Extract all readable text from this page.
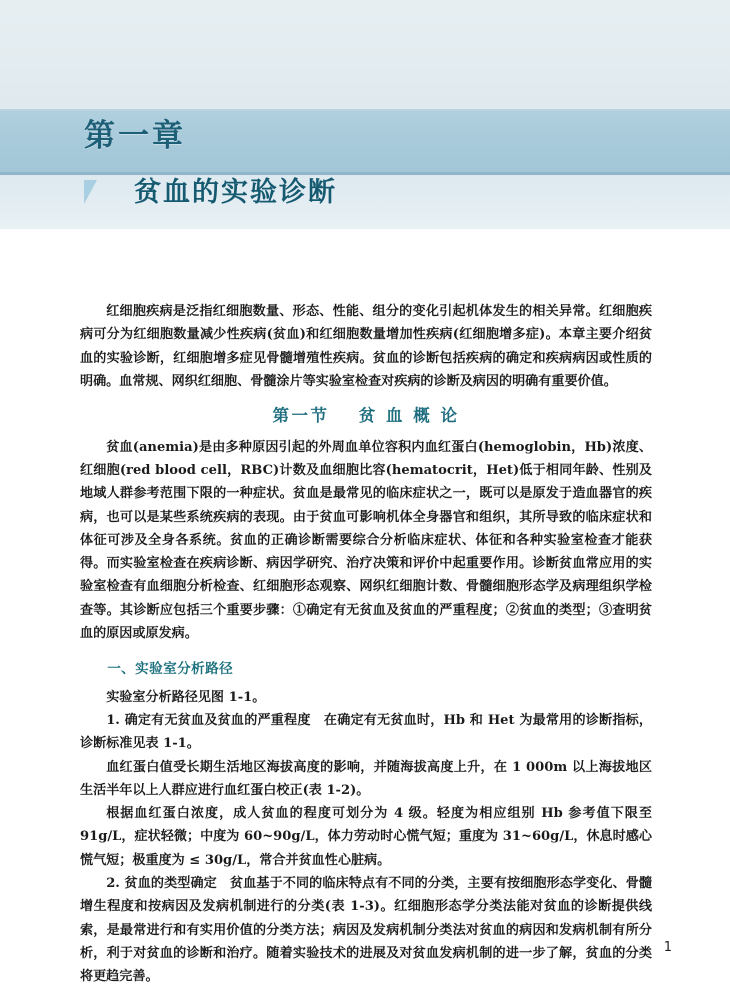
第一章
贫血的实验诊断

红细胞疾病是泛指红细胞数量、形态、性能、组分的变化引起机体发生的相关异常。红细胞疾病可分为红细胞数量减少性疾病(贫血)和红细胞数量增加性疾病(红细胞增多症)。本章主要介绍贫血的实验诊断，红细胞增多症见骨髓增殖性疾病。贫血的诊断包括疾病的确定和疾病病因或性质的明确。血常规、网织红细胞、骨髓涂片等实验室检查对疾病的诊断及病因的明确有重要价值。

第一节 贫 血 概 论

贫血(anemia)是由多种原因引起的外周血单位容积内血红蛋白(hemoglobin，Hb)浓度、红细胞(red blood cell，RBC)计数及血细胞比容(hematocrit，Het)低于相同年龄、性别及地域人群参考范围下限的一种症状。贫血是最常见的临床症状之一，既可以是原发于造血器官的疾病，也可以是某些系统疾病的表现。由于贫血可影响机体全身器官和组织，其所导致的临床症状和体征可涉及全身各系统。贫血的正确诊断需要综合分析临床症状、体征和各种实验室检查才能获得。而实验室检查在疾病诊断、病因学研究、治疗决策和评价中起重要作用。诊断贫血常应用的实验室检查有血细胞分析检查、红细胞形态观察、网织红细胞计数、骨髓细胞形态学及病理组织学检查等。其诊断应包括三个重要步骤：①确定有无贫血及贫血的严重程度；②贫血的类型；③查明贫血的原因或原发病。

一、实验室分析路径

实验室分析路径见图 1-1。

1. 确定有无贫血及贫血的严重程度　在确定有无贫血时，Hb 和 Het 为最常用的诊断指标，诊断标准见表 1-1。

血红蛋白值受长期生活地区海拔高度的影响，并随海拔高度上升，在 1 000m 以上海拔地区生活半年以上人群应进行血红蛋白校正(表 1-2)。

根据血红蛋白浓度，成人贫血的程度可划分为 4 级。轻度为相应组别 Hb 参考值下限至 91g/L，症状轻微；中度为 60~90g/L，体力劳动时心慌气短；重度为 31~60g/L，休息时感心慌气短；极重度为 ≤ 30g/L，常合并贫血性心脏病。

2. 贫血的类型确定　贫血基于不同的临床特点有不同的分类，主要有按细胞形态学变化、骨髓增生程度和按病因及发病机制进行的分类(表 1-3)。红细胞形态学分类法能对贫血的诊断提供线索，是最常进行和有实用价值的分类方法；病因及发病机制分类法对贫血的病因和发病机制有所分析，利于对贫血的诊断和治疗。随着实验技术的进展及对贫血发病机制的进一步了解，贫血的分类将更趋完善。

1
